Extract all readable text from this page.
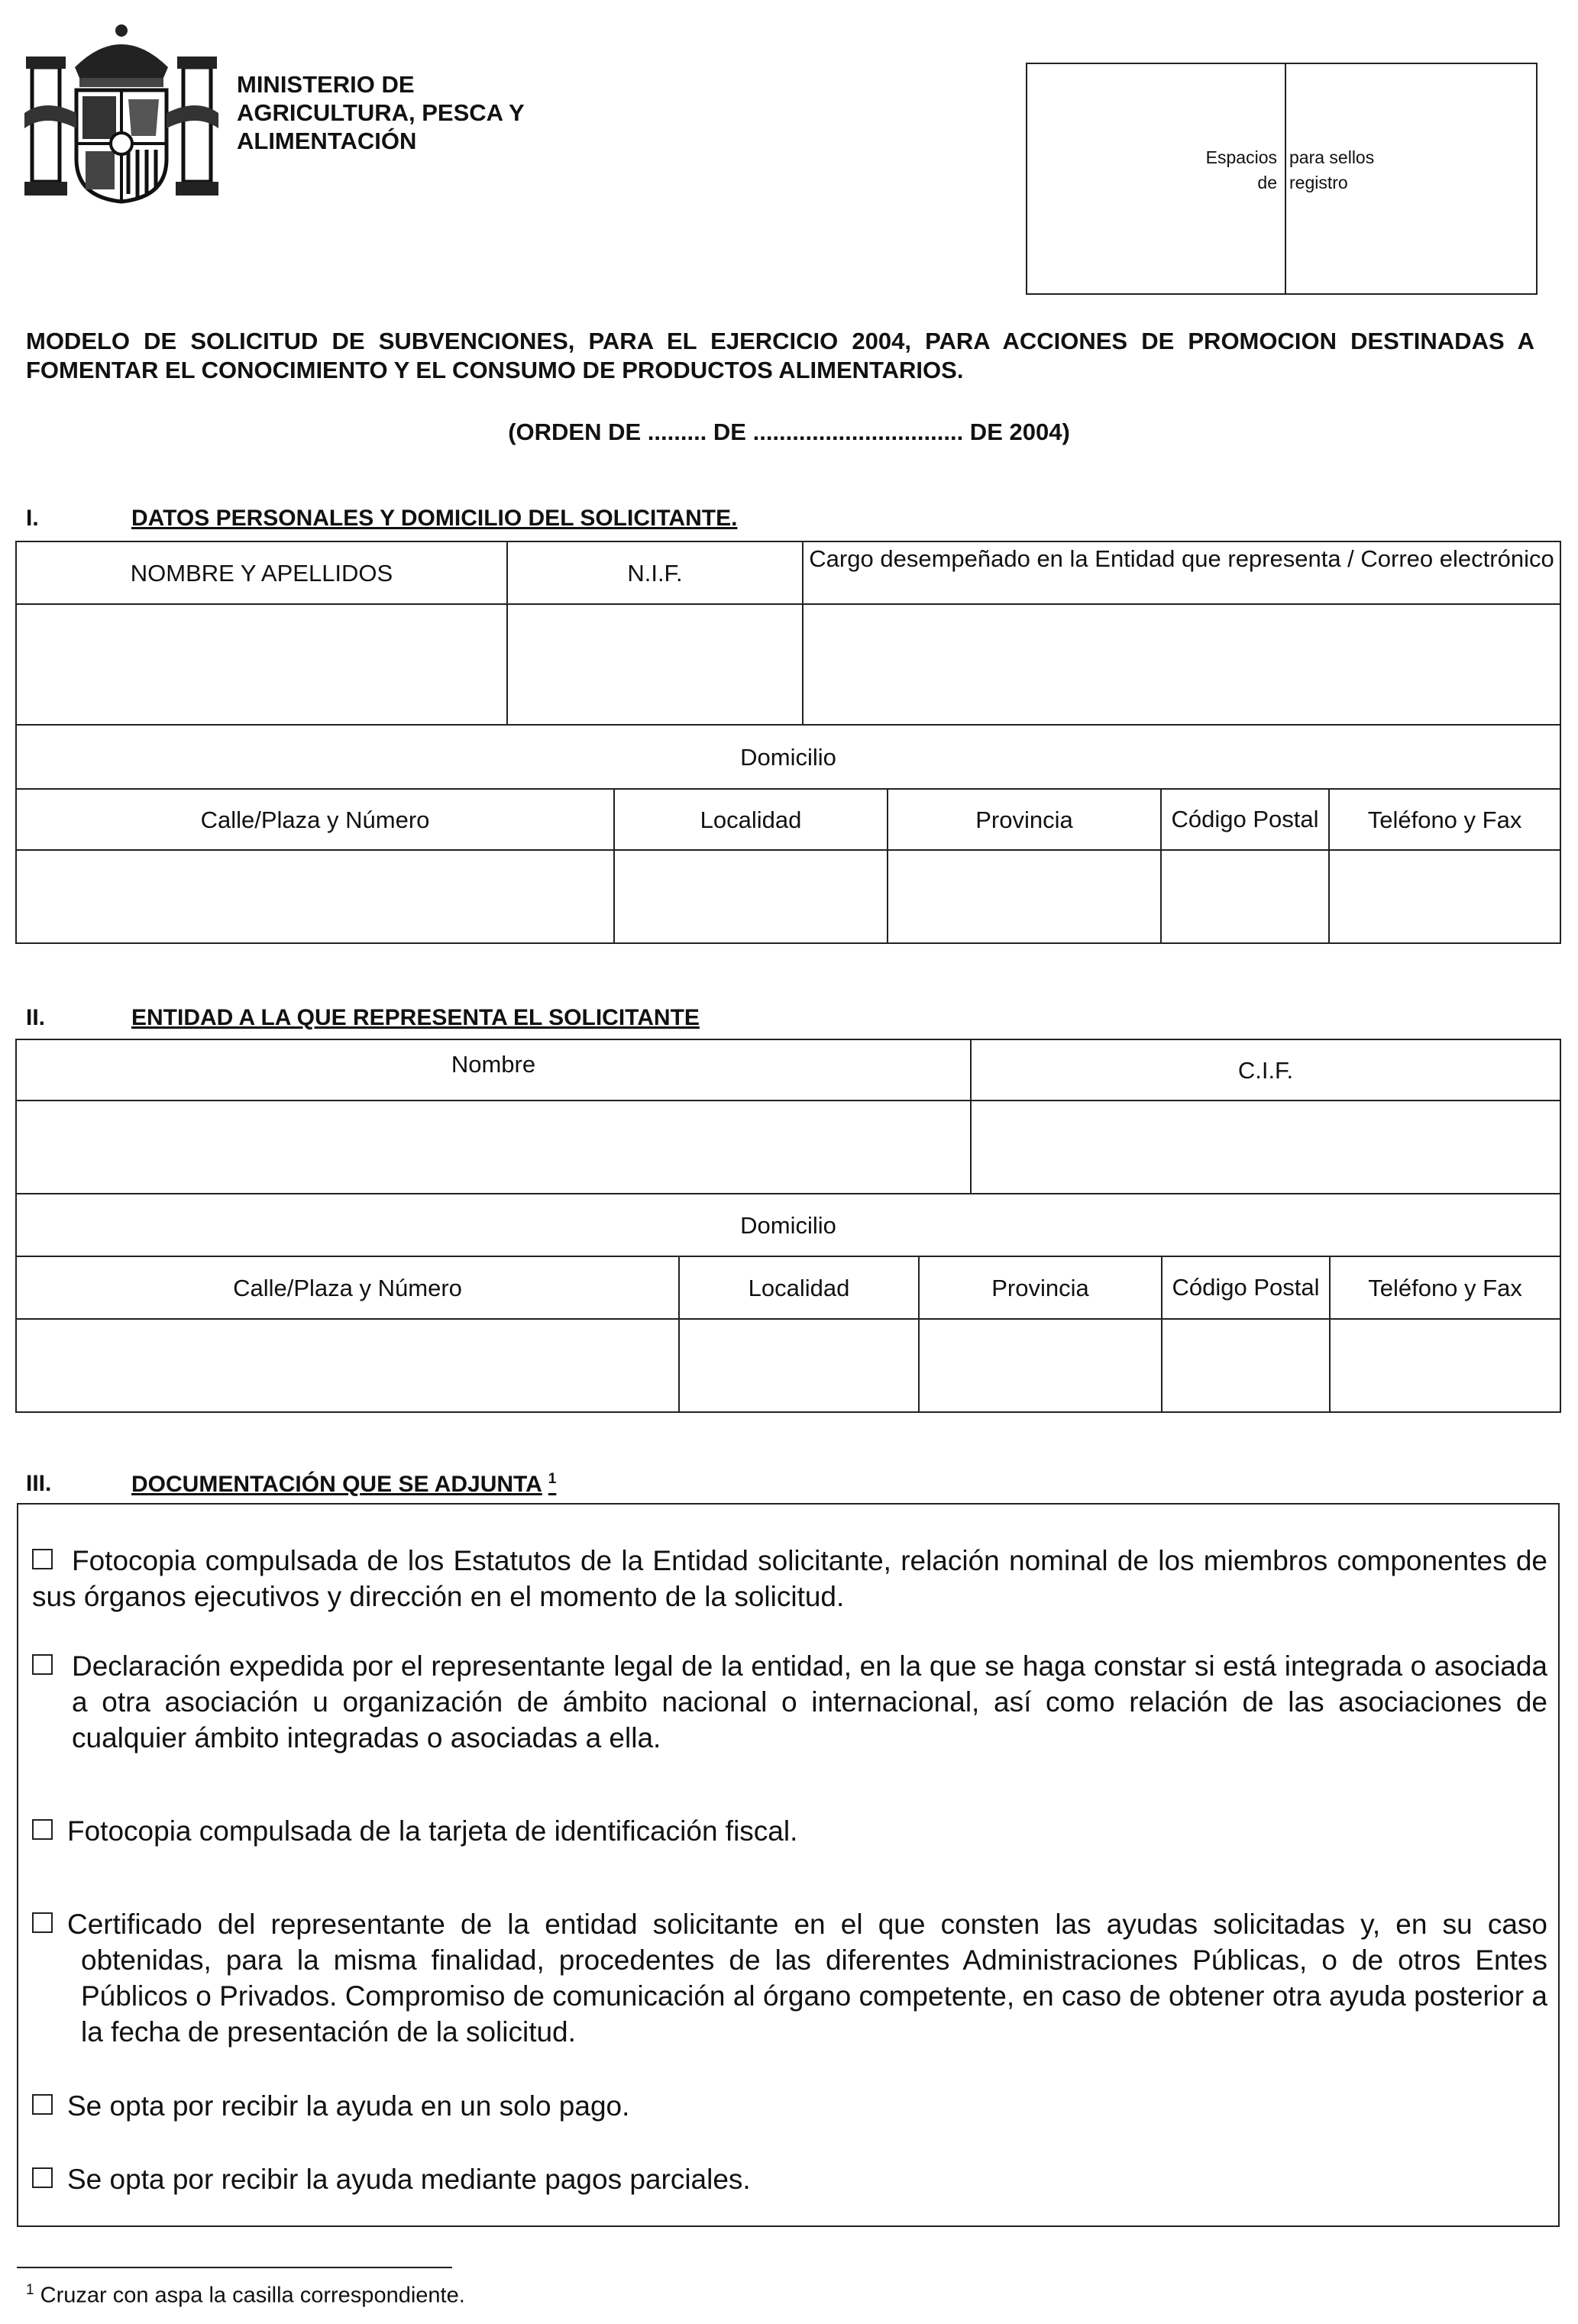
MINISTERIO DE
AGRICULTURA, PESCA Y
ALIMENTACIÓN
Espacios
de
para sellos
registro
MODELO DE SOLICITUD DE SUBVENCIONES, PARA EL EJERCICIO 2004, PARA ACCIONES DE PROMOCION DESTINADAS A FOMENTAR EL CONOCIMIENTO Y EL CONSUMO DE PRODUCTOS ALIMENTARIOS.
(ORDEN DE ......... DE ................................ DE 2004)
I.	DATOS PERSONALES Y DOMICILIO DEL SOLICITANTE.
NOMBRE Y APELLIDOS	N.I.F.	Cargo desempeñado en la Entidad que representa / Correo electrónico

Domicilio				
Calle/Plaza y Número	Localidad	Provincia	Código Postal	Teléfono y Fax

II.	ENTIDAD A LA QUE REPRESENTA EL SOLICITANTE
Nombre	C.I.F.

Domicilio				
Calle/Plaza y Número	Localidad	Provincia	Código Postal	Teléfono y Fax

III.	DOCUMENTACIÓN QUE SE ADJUNTA $^1$
Fotocopia compulsada de los Estatutos de la Entidad solicitante, relación nominal de los miembros componentes de sus órganos ejecutivos y dirección en el momento de la solicitud.
Declaración expedida por el representante legal de la entidad, en la que se haga constar si está integrada o asociada a otra asociación u organización de ámbito nacional o internacional, así como relación de las asociaciones de cualquier ámbito integradas o asociadas a ella.
Fotocopia compulsada de la tarjeta de identificación fiscal.
Certificado del representante de la entidad solicitante en el que consten las ayudas solicitadas y, en su caso obtenidas, para la misma finalidad, procedentes de las diferentes Administraciones Públicas, o de otros Entes Públicos o Privados. Compromiso de comunicación al órgano competente, en caso de obtener otra ayuda posterior a la fecha de presentación de la solicitud.
Se opta por recibir la ayuda en un solo pago.
Se opta por recibir la ayuda mediante pagos parciales.
$^1$ Cruzar con aspa la casilla correspondiente.
